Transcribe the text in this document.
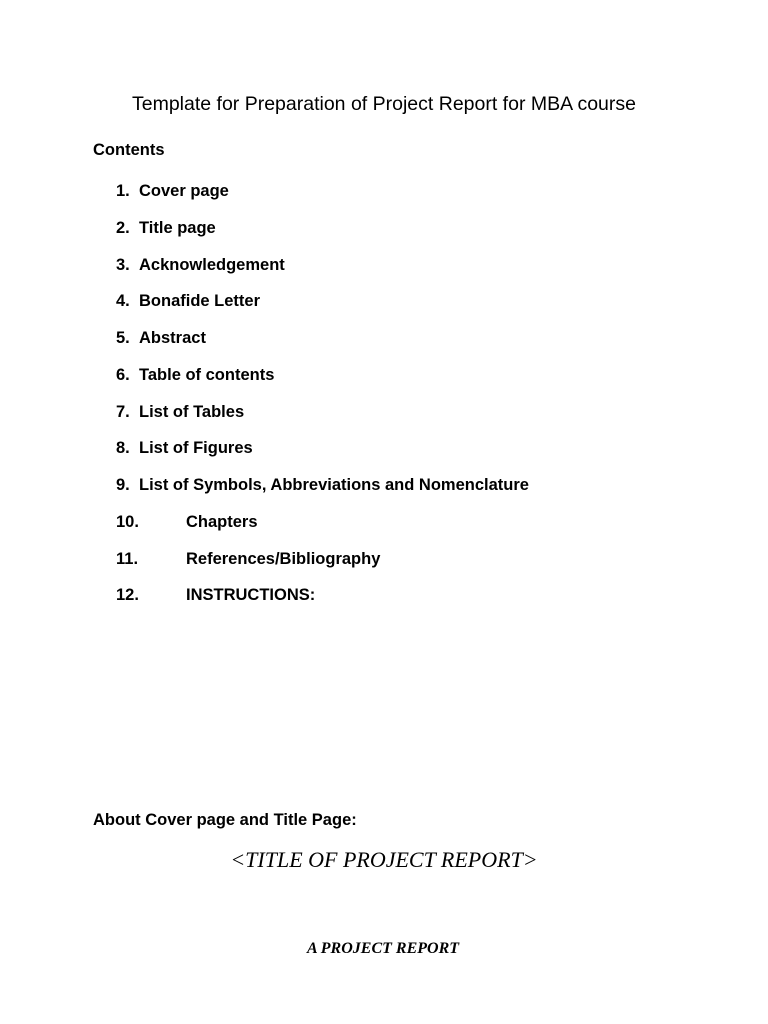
Template for Preparation of Project Report for MBA course
Contents
1. Cover page
2. Title page
3. Acknowledgement
4. Bonafide Letter
5. Abstract
6. Table of contents
7. List of Tables
8. List of Figures
9. List of Symbols, Abbreviations and Nomenclature
10.	Chapters
11.	References/Bibliography
12.	INSTRUCTIONS:
About Cover page and Title Page:
<TITLE OF PROJECT REPORT>
A PROJECT REPORT
